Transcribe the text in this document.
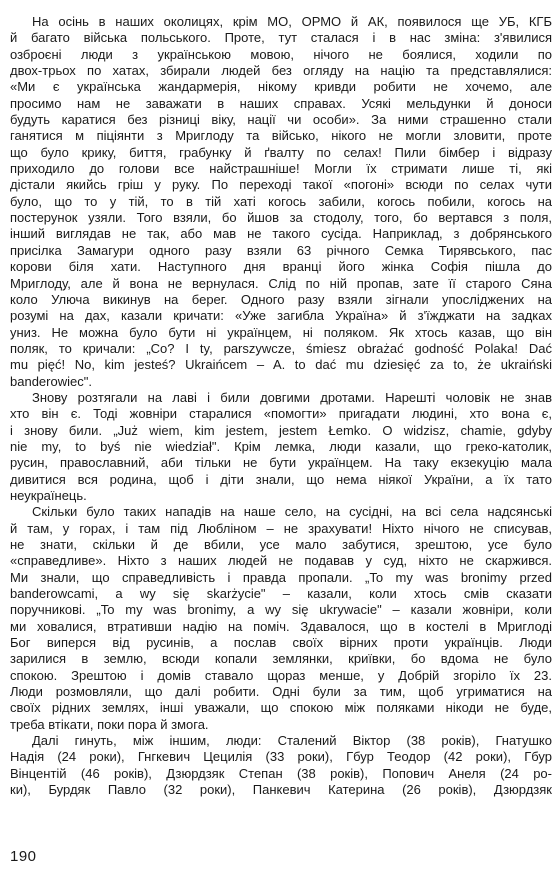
На осінь в наших околицях, крім МО, ОРМО й АК, появилося ще УБ, КГБ

й багато війська польського. Проте, тут сталася і в нас зміна: з'явилися

озброєні люди з українською мовою, нічого не боялися, ходили по

двох-трьох по хатах, збирали людей без огляду на націю та представлялися:

«Ми є українська жандармерія, нікому кривди робити не хочемо, але

просимо нам не заважати в наших справах. Усякі мельдунки й доноси

будуть каратися без різниці віку, нації чи особи». За ними страшенно стали

ганятися м піціянти з Мриглоду та військо, нікого не могли зловити, проте

що було крику, биття, грабунку й ґвалту по селах! Пили бімбер і відразу

приходило до голови все найстрашніше! Могли їх стримати лише ті, які

дістали якийсь гріш у руку. По переході такої «погоні» всюди по селах чути

було, що то у тій, то в тій хаті когось забили, когось побили, когось на

постерунок узяли. Того взяли, бо йшов за стодолу, того, бо вертався з поля,

інший виглядав не так, або мав не такого сусіда. Наприклад, з добрянського

присілка Замагури одного разу взяли 63 річного Семка Тирявського, пас

корови біля хати. Наступного дня вранці його жінка Софія пішла до

Мриглоду, але й вона не вернулася. Слід по ній пропав, зате її старого Сяна

коло Улюча викинув на берег. Одного разу взяли зігнали упосліджених на

розумі на дах, казали кричати: «Уже загибла Україна» й з'їжджати на задках

униз. Не можна було бути ні українцем, ні поляком. Як хтось казав, що він

поляк, то кричали: „Co? I ty, parszywcze, śmiesz obrażać godność Polaka! Dać

mu pięć! No, kim jesteś? Ukraińcem – A. to dać mu dziesięć za to, że ukraiński

banderowiec".

Знову розтягали на лаві і били довгими дротами. Нарешті чоловік не знав

хто він є. Тоді жовніри старалися «помогти» пригадати людині, хто вона є,

і знову били. „Już wiem, kim jestem, jestem Łemko. O widzisz, chamie, gdyby

nie my, to byś nie wiedział". Крім лемка, люди казали, що греко-католик,

русин, православний, аби тільки не бути українцем. На таку екзекуцію мала

дивитися вся родина, щоб і діти знали, що нема ніякої України, а їх тато

неукраїнець.

Скільки було таких нападів на наше село, на сусідні, на всі села надсянські

й там, у горах, і там під Любліном – не зрахувати! Ніхто нічого не списував,

не знати, скільки й де вбили, усе мало забутися, зрештою, усе було

«справедливе». Ніхто з наших людей не подавав у суд, ніхто не скаржився.

Ми знали, що справедливість і правда пропали. „To my was bronimy przed

banderowcami, a wy się skarżycie" – казали, коли хтось смів сказати

поручникові. „To my was bronimy, a wy się ukrywacie" – казали жовніри, коли

ми ховалися, втративши надію на поміч. Здавалося, що в костелі в Мриглоді

Бог виперся від русинів, а послав своїх вірних проти українців. Люди

зарилися в землю, всюди копали землянки, криївки, бо вдома не було

спокою. Зрештою і домів ставало щораз менше, у Добрій згоріло їх 23.

Люди розмовляли, що далі робити. Одні були за тим, щоб угриматися на

своїх рідних землях, інші уважали, що спокою між поляками нікоди не буде,

треба втікати, поки пора й змога.

Далі гинуть, між іншим, люди: Сталений Віктор (38 років), Гнатушко

Надія (24 роки), Гнгкевич Цецилія (33 роки), Гбур Теодор (42 роки), Гбур

Вінцентій (46 років), Дзюрдзяк Степан (38 років), Попович Анеля (24 ро-

ки), Бурдяк Павло (32 роки), Панкевич Катерина (26 років), Дзюрдзяк

190
